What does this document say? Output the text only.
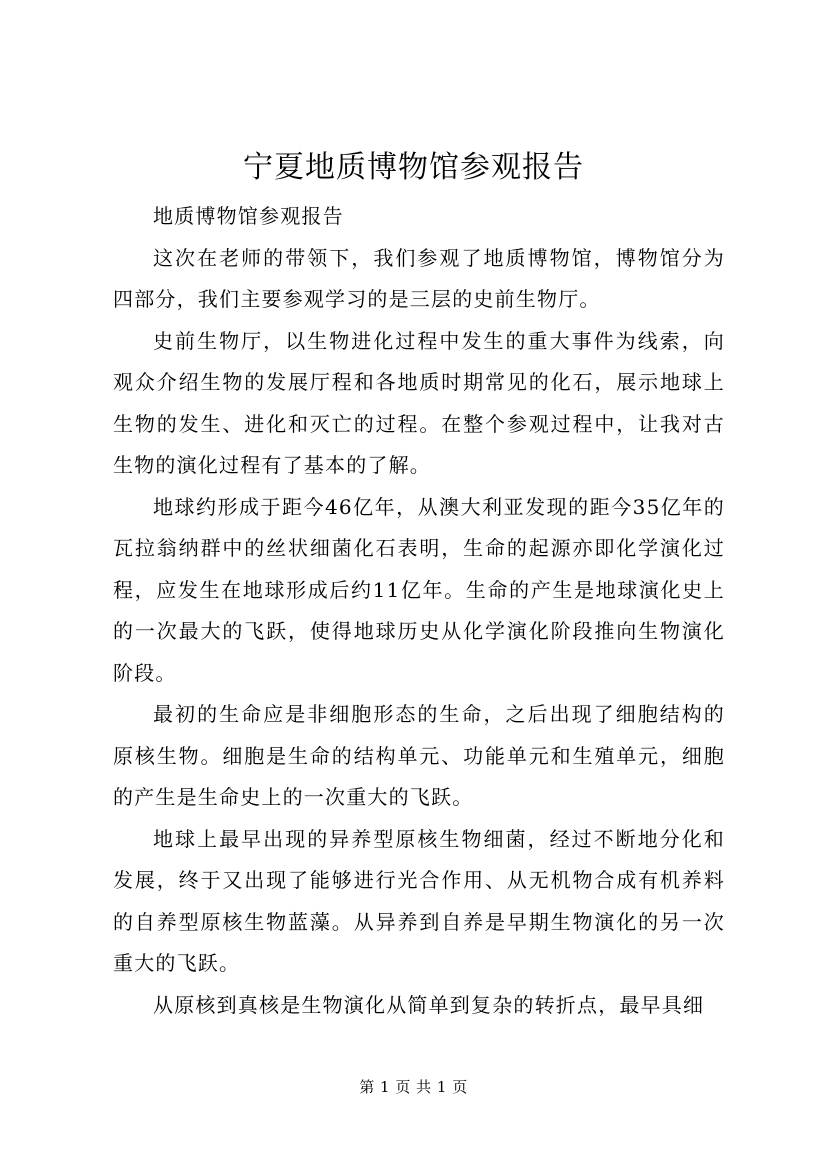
宁夏地质博物馆参观报告

地质博物馆参观报告

这次在老师的带领下，我们参观了地质博物馆，博物馆分为四部分，我们主要参观学习的是三层的史前生物厅。

史前生物厅，以生物进化过程中发生的重大事件为线索，向观众介绍生物的发展厅程和各地质时期常见的化石，展示地球上生物的发生、进化和灭亡的过程。在整个参观过程中，让我对古生物的演化过程有了基本的了解。

地球约形成于距今46亿年，从澳大利亚发现的距今35亿年的瓦拉翁纳群中的丝状细菌化石表明，生命的起源亦即化学演化过程，应发生在地球形成后约11亿年。生命的产生是地球演化史上的一次最大的飞跃，使得地球历史从化学演化阶段推向生物演化阶段。

最初的生命应是非细胞形态的生命，之后出现了细胞结构的原核生物。细胞是生命的结构单元、功能单元和生殖单元，细胞的产生是生命史上的一次重大的飞跃。

地球上最早出现的异养型原核生物细菌，经过不断地分化和发展，终于又出现了能够进行光合作用、从无机物合成有机养料的自养型原核生物蓝藻。从异养到自养是早期生物演化的另一次重大的飞跃。

从原核到真核是生物演化从简单到复杂的转折点，最早具细

第 1 页 共 1 页
